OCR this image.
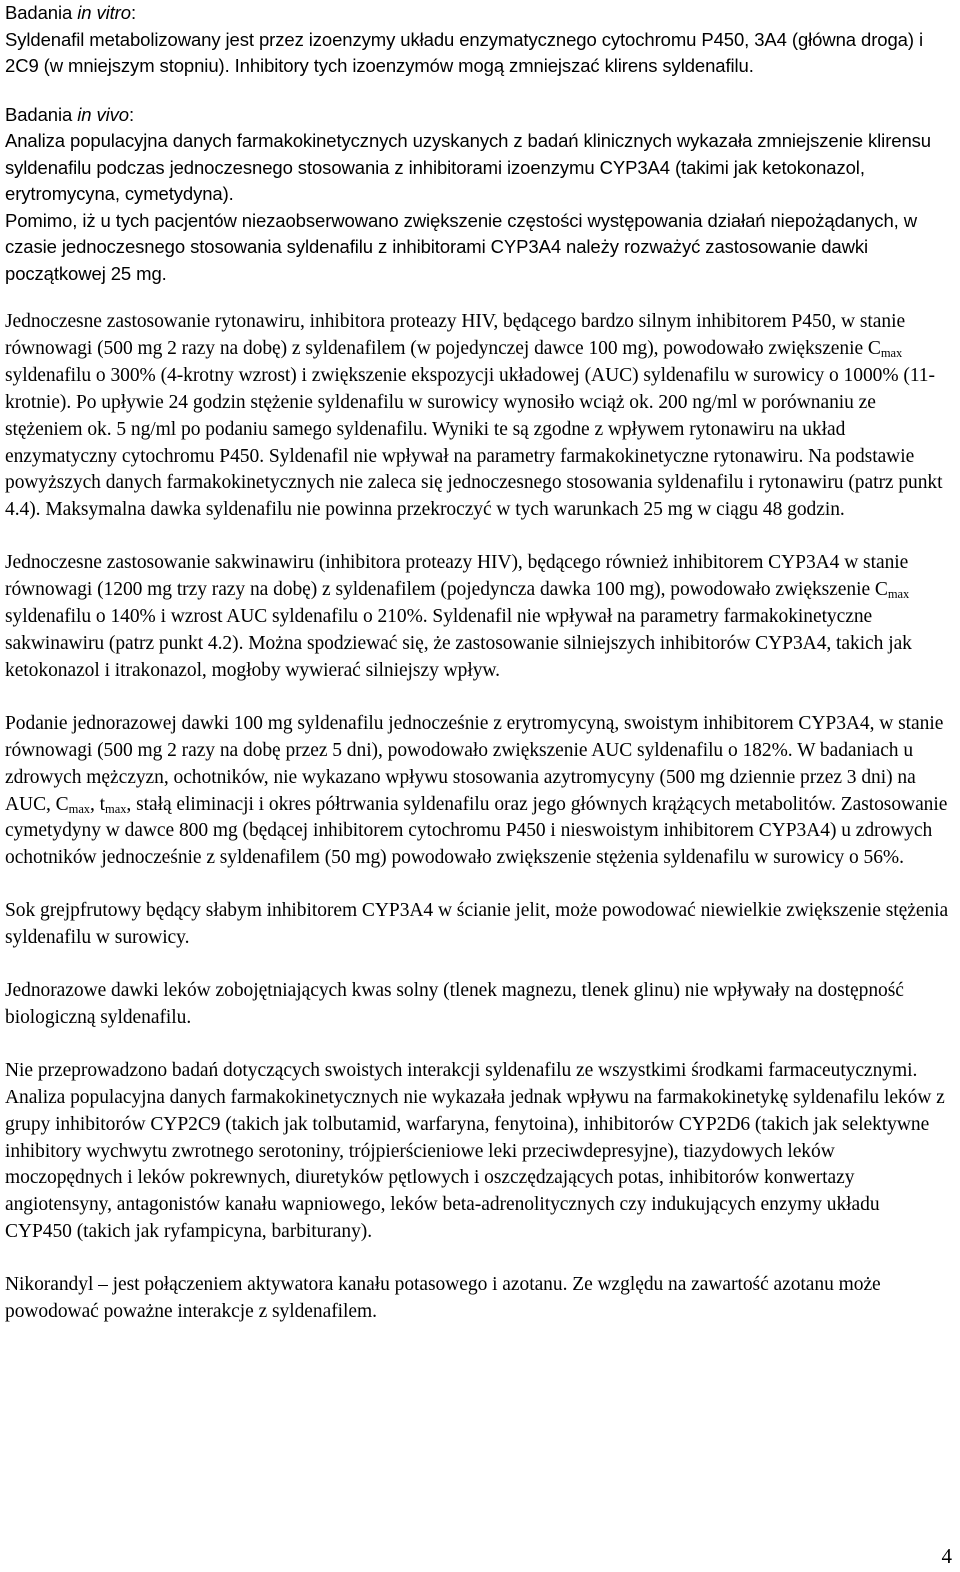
Badania in vitro:

Syldenafil metabolizowany jest przez izoenzymy układu enzymatycznego cytochromu P450, 3A4 (główna droga) i 2C9 (w mniejszym stopniu). Inhibitory tych izoenzymów mogą zmniejszać klirens syldenafilu.

Badania in vivo:

Analiza populacyjna danych farmakokinetycznych uzyskanych z badań klinicznych wykazała zmniejszenie klirensu syldenafilu podczas jednoczesnego stosowania z inhibitorami izoenzymu CYP3A4 (takimi jak ketokonazol, erytromycyna, cymetydyna).

Pomimo, iż u tych pacjentów niezaobserwowano zwiększenie częstości występowania działań niepożądanych, w czasie jednoczesnego stosowania syldenafilu z inhibitorami CYP3A4 należy rozważyć zastosowanie dawki początkowej 25 mg.

Jednoczesne zastosowanie rytonawiru, inhibitora proteazy HIV, będącego bardzo silnym inhibitorem P450, w stanie równowagi (500 mg 2 razy na dobę) z syldenafilem (w pojedynczej dawce 100 mg), powodowało zwiększenie $C_{max}$ syldenafilu o 300% (4-krotny wzrost) i zwiększenie ekspozycji układowej (AUC) syldenafilu w surowicy o 1000% (11-krotnie). Po upływie 24 godzin stężenie syldenafilu w surowicy wynosiło wciąż ok. 200 ng/ml w porównaniu ze stężeniem ok. 5 ng/ml po podaniu samego syldenafilu. Wyniki te są zgodne z wpływem rytonawiru na układ enzymatyczny cytochromu P450. Syldenafil nie wpływał na parametry farmakokinetyczne rytonawiru. Na podstawie powyższych danych farmakokinetycznych nie zaleca się jednoczesnego stosowania syldenafilu i rytonawiru (patrz punkt 4.4). Maksymalna dawka syldenafilu nie powinna przekroczyć w tych warunkach 25 mg w ciągu 48 godzin.

Jednoczesne zastosowanie sakwinawiru (inhibitora proteazy HIV), będącego również inhibitorem CYP3A4 w stanie równowagi (1200 mg trzy razy na dobę) z syldenafilem (pojedyncza dawka 100 mg), powodowało zwiększenie $C_{max}$ syldenafilu o 140% i wzrost AUC syldenafilu o 210%. Syldenafil nie wpływał na parametry farmakokinetyczne sakwinawiru (patrz punkt 4.2). Można spodziewać się, że zastosowanie silniejszych inhibitorów CYP3A4, takich jak ketokonazol i itrakonazol, mogłoby wywierać silniejszy wpływ.

Podanie jednorazowej dawki 100 mg syldenafilu jednocześnie z erytromycyną, swoistym inhibitorem CYP3A4, w stanie równowagi (500 mg 2 razy na dobę przez 5 dni), powodowało zwiększenie AUC syldenafilu o 182%. W badaniach u zdrowych mężczyzn, ochotników, nie wykazano wpływu stosowania azytromycyny (500 mg dziennie przez 3 dni) na AUC, $C_{max}$, $t_{max}$, stałą eliminacji i okres półtrwania syldenafilu oraz jego głównych krążących metabolitów. Zastosowanie cymetydyny w dawce 800 mg (będącej inhibitorem cytochromu P450 i nieswoistym inhibitorem CYP3A4) u zdrowych ochotników jednocześnie z syldenafilem (50 mg) powodowało zwiększenie stężenia syldenafilu w surowicy o 56%.

Sok grejpfrutowy będący słabym inhibitorem CYP3A4 w ścianie jelit, może powodować niewielkie zwiększenie stężenia syldenafilu w surowicy.

Jednorazowe dawki leków zobojętniających kwas solny (tlenek magnezu, tlenek glinu) nie wpływały na dostępność biologiczną syldenafilu.

Nie przeprowadzono badań dotyczących swoistych interakcji syldenafilu ze wszystkimi środkami farmaceutycznymi. Analiza populacyjna danych farmakokinetycznych nie wykazała jednak wpływu na farmakokinetykę syldenafilu leków z grupy inhibitorów CYP2C9 (takich jak tolbutamid, warfaryna, fenytoina), inhibitorów CYP2D6 (takich jak selektywne inhibitory wychwytu zwrotnego serotoniny, trójpierścieniowe leki przeciwdepresyjne), tiazydowych leków moczopędnych i leków pokrewnych, diuretyków pętlowych i oszczędzających potas, inhibitorów konwertazy angiotensyny, antagonistów kanału wapniowego, leków beta-adrenolitycznych czy indukujących enzymy układu CYP450 (takich jak ryfampicyna, barbiturany).

Nikorandyl – jest połączeniem aktywatora kanału potasowego i azotanu. Ze względu na zawartość azotanu może powodować poważne interakcje z syldenafilem.

4
